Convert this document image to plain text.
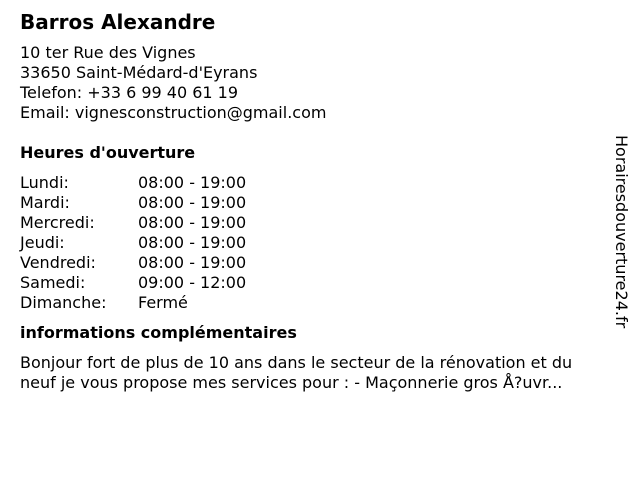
Barros Alexandre
10 ter Rue des Vignes
33650 Saint-Médard-d'Eyrans
Telefon: +33 6 99 40 61 19
Email: vignesconstruction@gmail.com
Heures d'ouverture
Lundi:	08:00 - 19:00
Mardi:	08:00 - 19:00
Mercredi:	08:00 - 19:00
Jeudi:	08:00 - 19:00
Vendredi:	08:00 - 19:00
Samedi:	09:00 - 12:00
Dimanche:	Fermé
informations complémentaires
Bonjour fort de plus de 10 ans dans le secteur de la rénovation et du
neuf je vous propose mes services pour : - Maçonnerie gros Å?uvr...
Horairesdouverture24.fr
